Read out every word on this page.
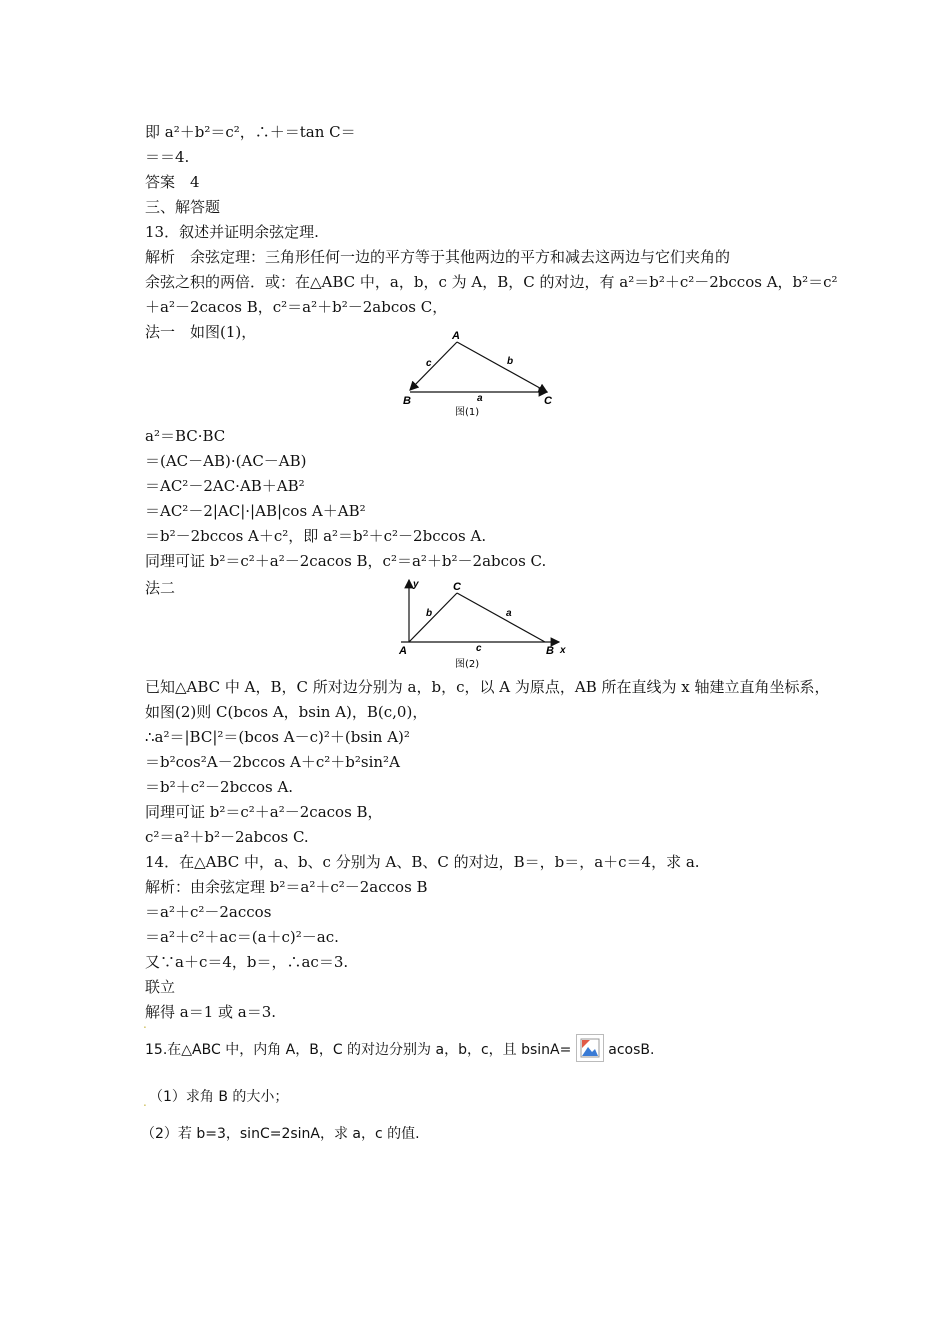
即 a²＋b²＝c²，∴＋＝tan C＝
＝＝4.
答案　4
三、解答题
13．叙述并证明余弦定理.
解析　余弦定理：三角形任何一边的平方等于其他两边的平方和减去这两边与它们夹角的
余弦之积的两倍．或：在△ABC 中，a，b，c 为 A，B，C 的对边，有 a²＝b²＋c²－2bccos A，b²＝c²
＋a²－2cacos B，c²＝a²＋b²－2abcos C，
法一　如图(1)，	A
B	C
c	b
a
图(1)
a²＝BC·BC
＝(AC－AB)·(AC－AB)
＝AC²－2AC·AB＋AB²
＝AC²－2|AC|·|AB|cos A＋AB²
＝b²－2bccos A＋c²，即 a²＝b²＋c²－2bccos A.
同理可证 b²＝c²＋a²－2cacos B，c²＝a²＋b²－2abcos C.
法二	y
x
C
A	B
b	a
c
图(2)
已知△ABC 中 A，B，C 所对边分别为 a，b，c，以 A 为原点，AB 所在直线为 x 轴建立直角坐标系，
如图(2)则 C(bcos A，bsin A)，B(c,0)，
∴a²＝|BC|²＝(bcos A－c)²＋(bsin A)²
＝b²cos²A－2bccos A＋c²＋b²sin²A
＝b²＋c²－2bccos A.
同理可证 b²＝c²＋a²－2cacos B，
c²＝a²＋b²－2abcos C.
14．在△ABC 中，a、b、c 分别为 A、B、C 的对边，B＝，b＝，a＋c＝4，求 a.
解析：由余弦定理 b²＝a²＋c²－2accos B
＝a²＋c²－2accos
＝a²＋c²＋ac＝(a＋c)²－ac.
又∵a＋c＝4，b＝，∴ac＝3.
联立
解得 a＝1 或 a＝3.
.
15.在△ABC 中，内角 A，B，C 的对边分别为 a，b，c，且 bsinA=	acosB.
. （1）求角 B 的大小；
（2）若 b=3，sinC=2sinA，求 a，c 的值.
